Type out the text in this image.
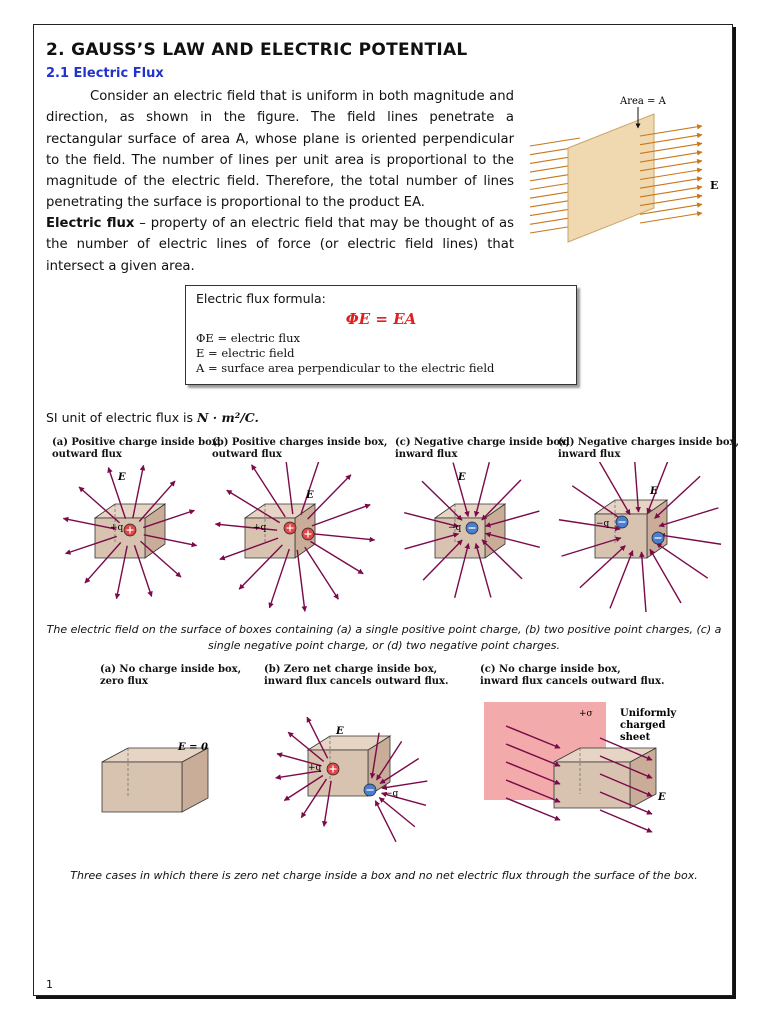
2. GAUSS’S LAW AND ELECTRIC POTENTIAL
2.1 Electric Flux
Consider an electric field that is uniform in both magnitude and direction, as shown in the figure. The field lines penetrate a rectangular surface of area A, whose plane is oriented perpendicular to the field. The number of lines per unit area is proportional to the magnitude of the electric field. Therefore, the total number of lines penetrating the surface is proportional to the product EA.
Electric flux – property of an electric field that may be thought of as the number of electric lines of force (or electric field lines) that intersect a given area.
Area = A
E
Electric flux formula:
ΦE = EA
ΦE = electric flux
E = electric field
A = surface area perpendicular to the electric field
SI unit of electric flux is N · m²/C.
(a) Positive charge inside box,
outward flux
(b) Positive charges inside box,
outward flux
(c) Negative charge inside box,
inward flux
(d) Negative charges inside box,
inward flux
E
E
E
E
+q	+q	−q	−q
The electric field on the surface of boxes containing (a) a single positive point charge, (b) two positive point charges, (c) a single negative point charge, or (d) two negative point charges.
(a) No charge inside box,
zero flux
(b) Zero net charge inside box,
inward flux cancels outward flux.
(c) No charge inside box,
inward flux cancels outward flux.
E = 0
E
E
+q
−q
+σ	Uniformly
charged
sheet
Three cases in which there is zero net charge inside a box and no net electric flux through the surface of the box.
1
